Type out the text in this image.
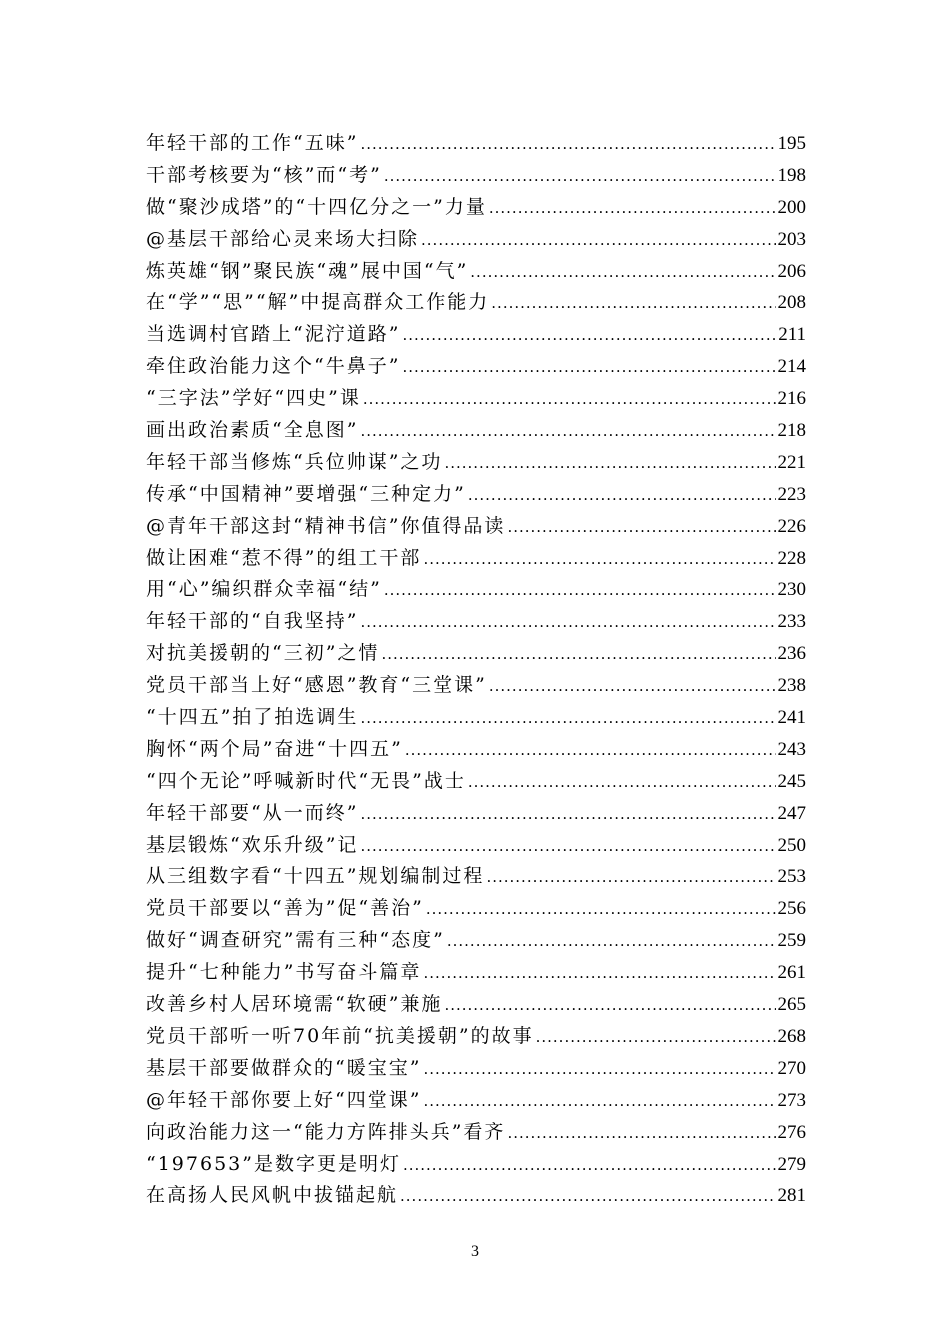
年轻干部的工作“五味” .....	195
干部考核要为“核”而“考” .....	198
做“聚沙成塔”的“十四亿分之一”力量 .....	200
@基层干部给心灵来场大扫除 .....	203
炼英雄“钢”聚民族“魂”展中国“气” .....	206
在“学”“思”“解”中提高群众工作能力 .....	208
当选调村官踏上“泥泞道路” .....	211
牵住政治能力这个“牛鼻子” .....	214
“三字法”学好“四史”课 .....	216
画出政治素质“全息图” .....	218
年轻干部当修炼“兵位帅谋”之功 .....	221
传承“中国精神”要增强“三种定力” .....	223
@青年干部这封“精神书信”你值得品读 .....	226
做让困难“惹不得”的组工干部 .....	228
用“心”编织群众幸福“结” .....	230
年轻干部的“自我坚持” .....	233
对抗美援朝的“三初”之情 .....	236
党员干部当上好“感恩”教育“三堂课” .....	238
“十四五”拍了拍选调生 .....	241
胸怀“两个局”奋进“十四五” .....	243
“四个无论”呼喊新时代“无畏”战士 .....	245
年轻干部要“从一而终” .....	247
基层锻炼“欢乐升级”记 .....	250
从三组数字看“十四五”规划编制过程 .....	253
党员干部要以“善为”促“善治” .....	256
做好“调查研究”需有三种“态度” .....	259
提升“七种能力”书写奋斗篇章 .....	261
改善乡村人居环境需“软硬”兼施 .....	265
党员干部听一听70年前“抗美援朝”的故事 .....	268
基层干部要做群众的“暖宝宝” .....	270
@年轻干部你要上好“四堂课” .....	273
向政治能力这一“能力方阵排头兵”看齐 .....	276
“197653”是数字更是明灯 .....	279
在高扬人民风帆中拔锚起航 .....	281
3
